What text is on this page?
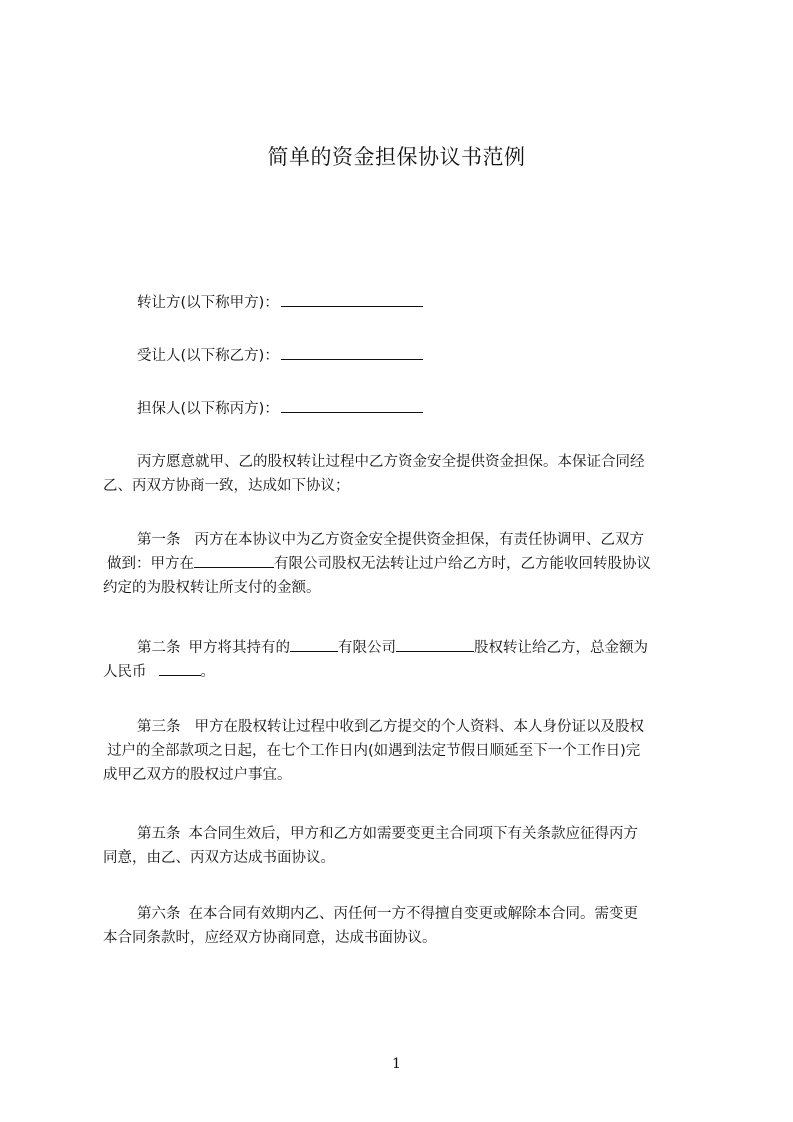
简单的资金担保协议书范例
转让方(以下称甲方)：
受让人(以下称乙方)：
担保人(以下称丙方)：
丙方愿意就甲、乙的股权转让过程中乙方资金安全提供资金担保。本保证合同经
乙、丙双方协商一致，达成如下协议；
第一条 丙方在本协议中为乙方资金安全提供资金担保，有责任协调甲、乙双方
做到：甲方在	有限公司股权无法转让过户给乙方时，乙方能收回转股协议
约定的为股权转让所支付的金额。
第二条 甲方将其持有的	有限公司	股权转让给乙方，总金额为
人民币	。
第三条 甲方在股权转让过程中收到乙方提交的个人资料、本人身份证以及股权
过户的全部款项之日起，在七个工作日内(如遇到法定节假日顺延至下一个工作日)完
成甲乙双方的股权过户事宜。
第五条 本合同生效后，甲方和乙方如需要变更主合同项下有关条款应征得丙方
同意，由乙、丙双方达成书面协议。
第六条 在本合同有效期内乙、丙任何一方不得擅自变更或解除本合同。需变更
本合同条款时，应经双方协商同意，达成书面协议。
1
